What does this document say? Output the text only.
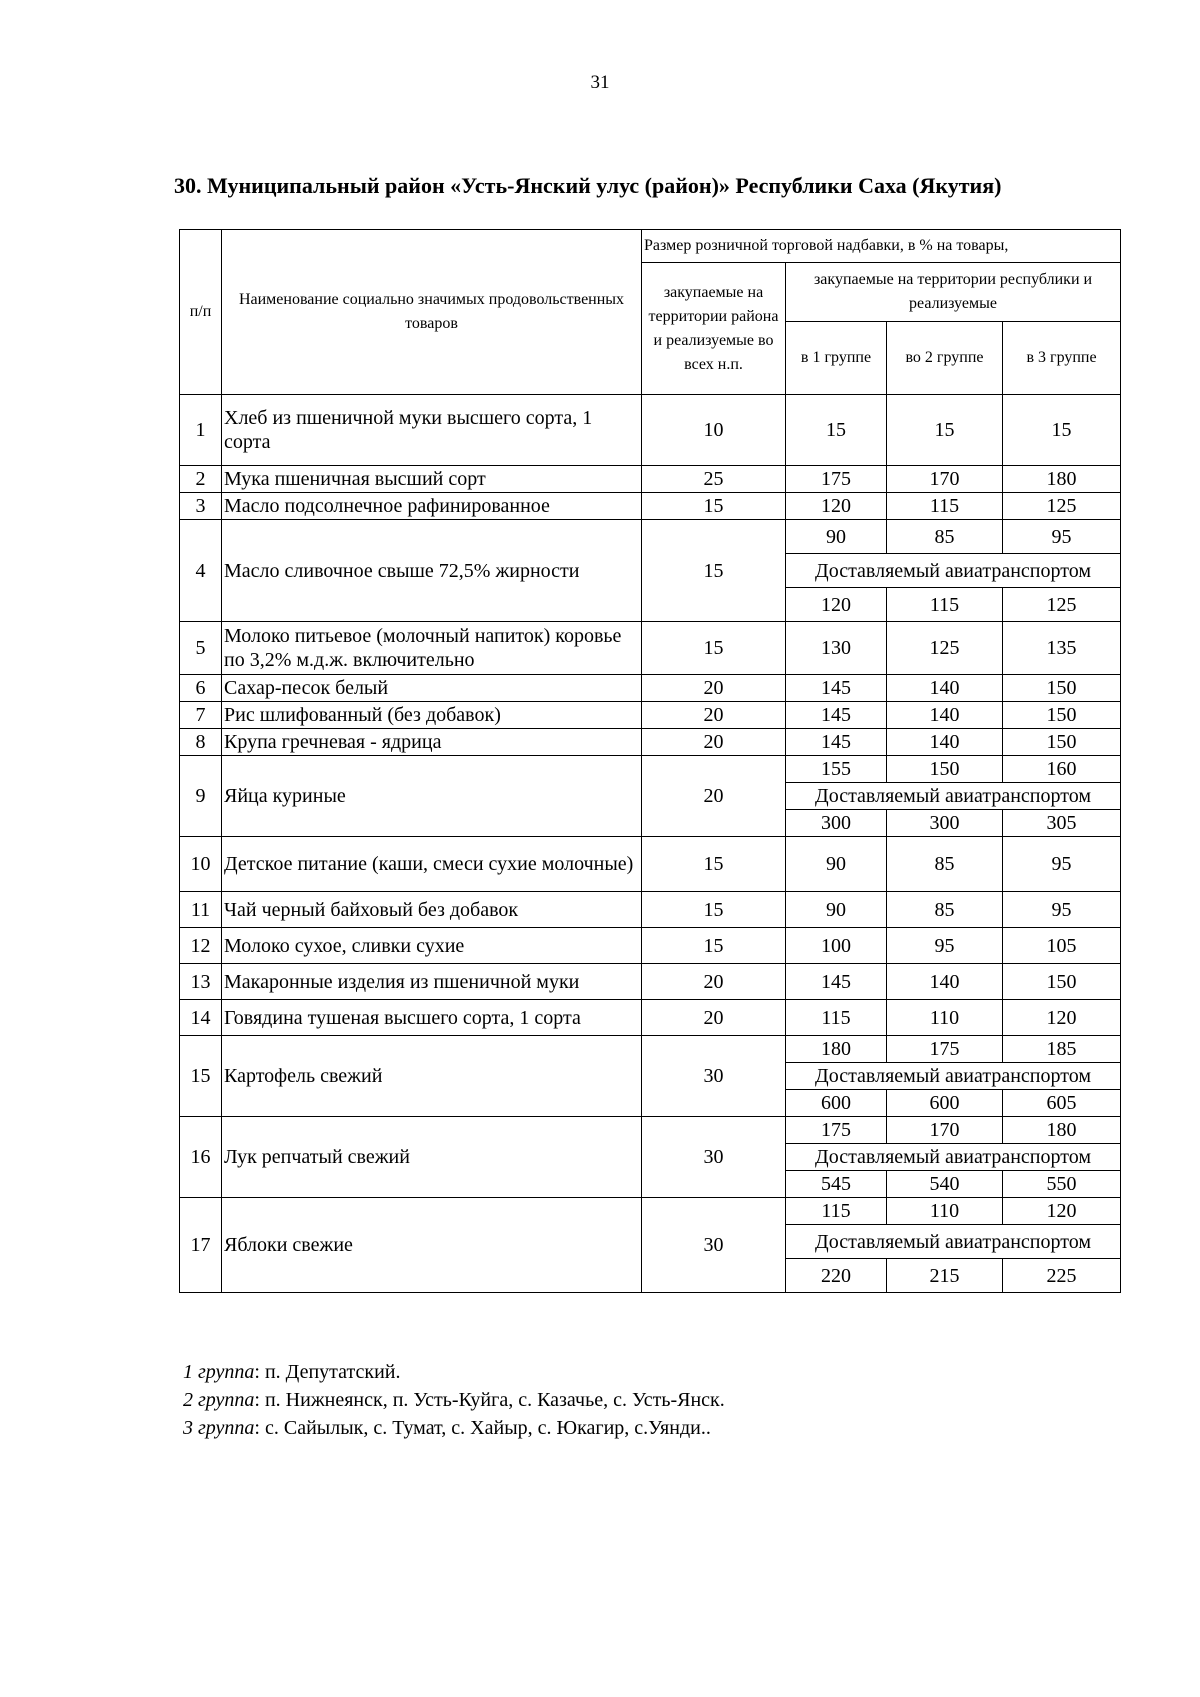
31
30. Муниципальный район «Усть-Янский улус (район)» Республики Саха (Якутия)
п/п	Наименование социально значимых продовольственных товаров	Размер розничной торговой надбавки, в % на товары,			
		закупаемые на территории района и реализуемые во всех н.п.	закупаемые на территории республики и реализуемые		
			в 1 группе	во 2 группе	в 3 группе
1	Хлеб из пшеничной муки высшего сорта, 1 сорта	10	15	15	15
2	Мука пшеничная высший сорт	25	175	170	180
3	Масло подсолнечное рафинированное	15	120	115	125
4	Масло сливочное свыше 72,5% жирности	15	90	85	95
			Доставляемый авиатранспортом		
			120	115	125
5	Молоко питьевое (молочный напиток) коровье по 3,2% м.д.ж. включительно	15	130	125	135
6	Сахар-песок белый	20	145	140	150
7	Рис шлифованный (без добавок)	20	145	140	150
8	Крупа гречневая - ядрица	20	145	140	150
9	Яйца куриные	20	155	150	160
			Доставляемый авиатранспортом		
			300	300	305
10	Детское питание (каши, смеси сухие молочные)	15	90	85	95
11	Чай черный байховый без добавок	15	90	85	95
12	Молоко сухое, сливки сухие	15	100	95	105
13	Макаронные изделия из пшеничной муки	20	145	140	150
14	Говядина тушеная высшего сорта, 1 сорта	20	115	110	120
15	Картофель свежий	30	180	175	185
			Доставляемый авиатранспортом		
			600	600	605
16	Лук репчатый свежий	30	175	170	180
			Доставляемый авиатранспортом		
			545	540	550
17	Яблоки свежие	30	115	110	120
			Доставляемый авиатранспортом		
			220	215	225
1 группа: п. Депутатский.
2 группа: п. Нижнеянск, п. Усть-Куйга, с. Казачье, с. Усть-Янск.
3 группа: с. Сайылык, с. Тумат, с. Хайыр, с. Юкагир, с.Уянди..
